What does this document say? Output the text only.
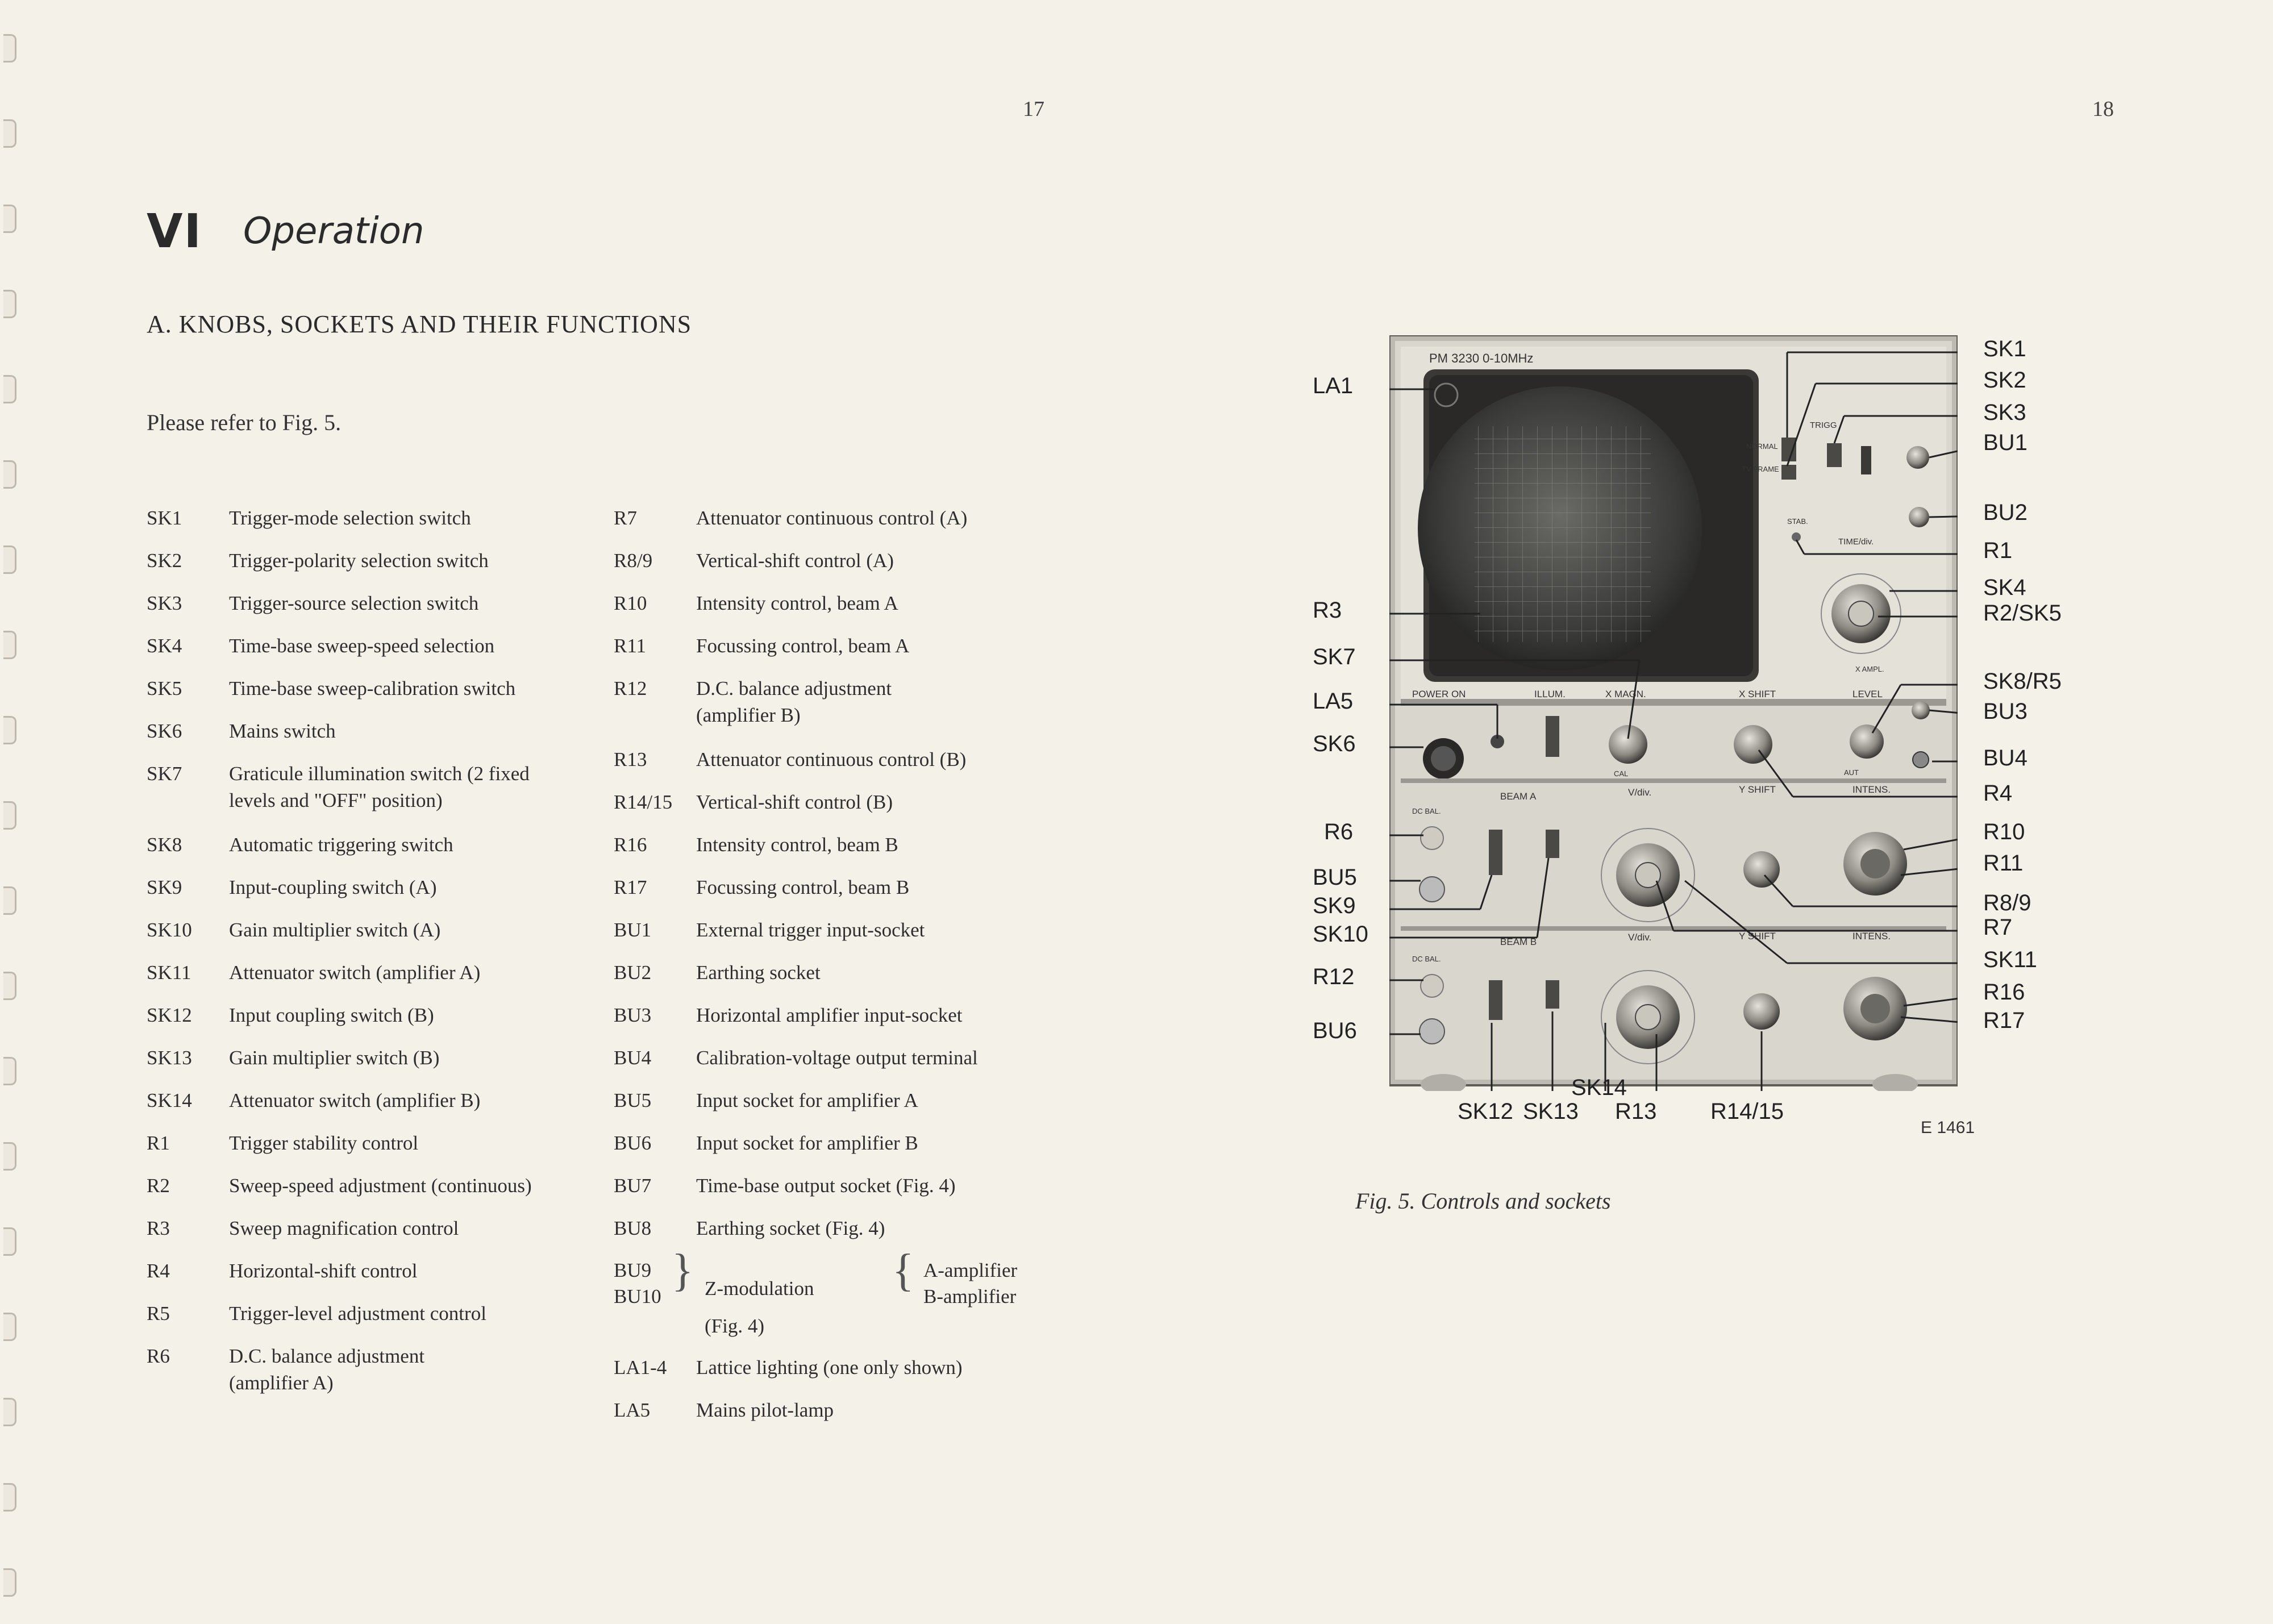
17	18
VI Operation
A. KNOBS, SOCKETS AND THEIR FUNCTIONS
Please refer to Fig. 5.
SK1 Trigger-mode selection switch
SK2 Trigger-polarity selection switch
SK3 Trigger-source selection switch
SK4 Time-base sweep-speed selection
SK5 Time-base sweep-calibration switch
SK6 Mains switch
SK7 Graticule illumination switch (2 fixed
levels and "OFF" position)
SK8 Automatic triggering switch
SK9 Input-coupling switch (A)
SK10 Gain multiplier switch (A)
SK11 Attenuator switch (amplifier A)
SK12 Input coupling switch (B)
SK13 Gain multiplier switch (B)
SK14 Attenuator switch (amplifier B)
R1	Trigger stability control
R2	Sweep-speed adjustment (continuous)
R3	Sweep magnification control
R4	Horizontal-shift control
R5	Trigger-level adjustment control
R6	D.C. balance adjustment
(amplifier A)
R7	Attenuator continuous control (A)
R8/9 Vertical-shift control (A)
R10 Intensity control, beam A
R11	Focussing control, beam A
R12 D.C. balance adjustment
(amplifier B)
R13 Attenuator continuous control (B)
R14/15 Vertical-shift control (B)
R16 Intensity control, beam B
R17 Focussing control, beam B
BU1 External trigger input-socket
BU2 Earthing socket
BU3 Horizontal amplifier input-socket
BU4 Calibration-voltage output terminal
BU5 Input socket for amplifier A
BU6 Input socket for amplifier B
BU7 Time-base output socket (Fig. 4)
BU8 Earthing socket (Fig. 4)
BU9
BU10
} Z-modulation
(Fig. 4)
{ A-amplifier
B-amplifier
LA1-4 Lattice lighting (one only shown)
LA5 Mains pilot-lamp
PM 3230 0-10MHz
POWER ON	ILLUM.	X MAGN.	X SHIFT	LEVEL
BEAM A
BEAM B
V/div.
V/div.
Y SHIFT
Y SHIFT
INTENS.
INTENS.
TIME/div.
TRIGG
NORMAL
TV FRAME
STAB.
X AMPL.
CAL	AUT
DC BAL.
DC BAL.
LA1
R3
SK7
LA5
SK6
R6
BU5
SK9
SK10
R12
BU6
SK1
SK2
SK3
BU1
BU2
R1
SK4
R2/SK5
SK8/R5
BU3
BU4
R4
R10
R11
R8/9
R7
SK11
R16
R17
SK14
SK12 SK13 R13 R14/15
E 1461
Fig. 5. Controls and sockets
